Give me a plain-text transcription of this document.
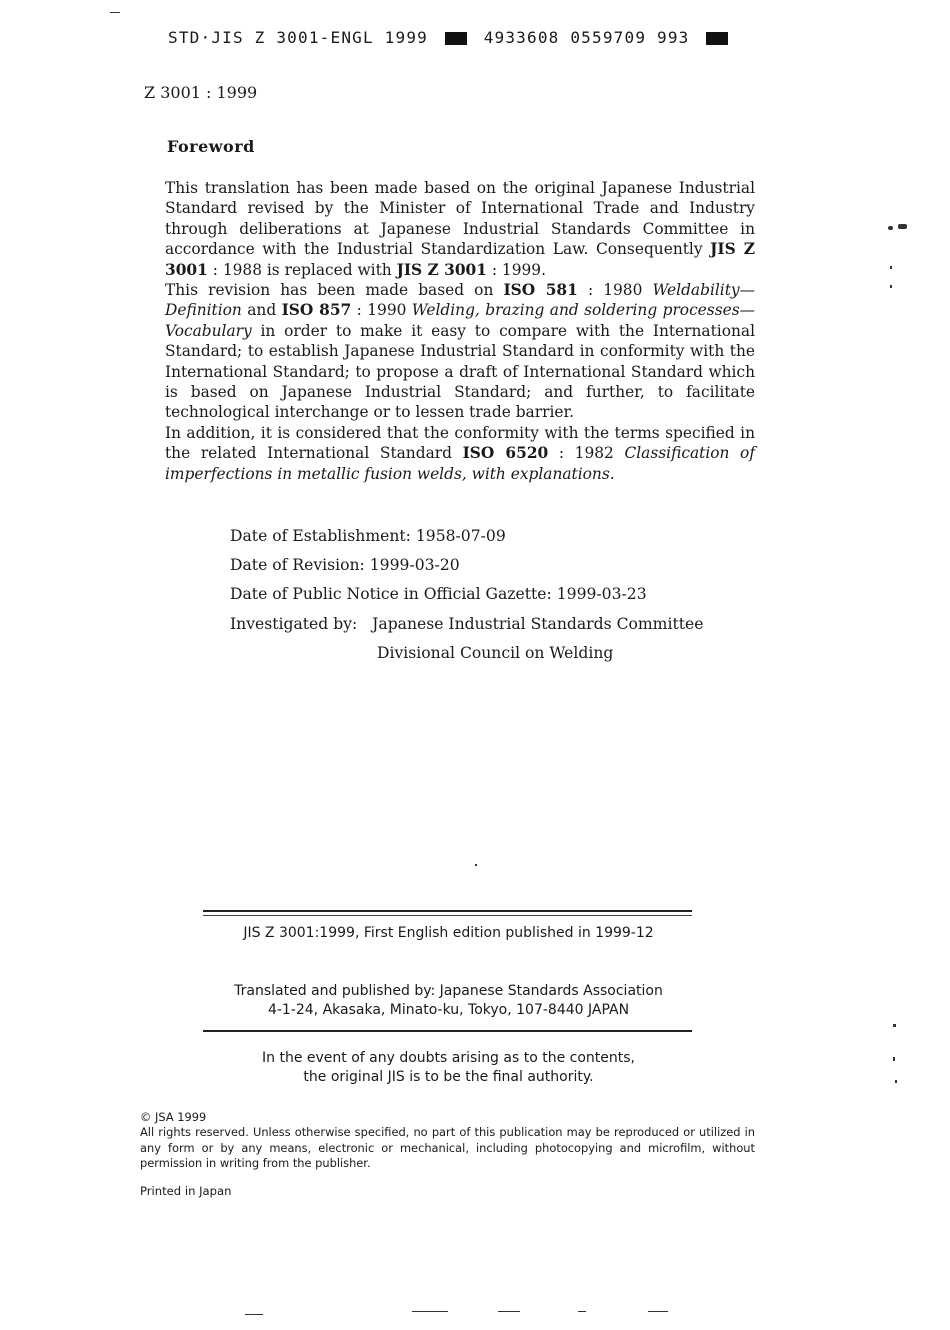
STD·JIS Z 3001-ENGL 1999	4933608 0559709 993
Z 3001 : 1999
Foreword

This translation has been made based on the original Japanese Industrial Standard revised by the Minister of International Trade and Industry through deliberations at Japanese Industrial Standards Committee in accordance with the Industrial Standardization Law. Consequently JIS Z 3001 : 1988 is replaced with JIS Z 3001 : 1999.

This revision has been made based on ISO 581 : 1980 Weldability—Definition and ISO 857 : 1990 Welding, brazing and soldering processes—Vocabulary in order to make it easy to compare with the International Standard; to establish Japanese Industrial Standard in conformity with the International Standard; to propose a draft of International Standard which is based on Japanese Industrial Standard; and further, to facilitate technological interchange or to lessen trade barrier.

In addition, it is considered that the conformity with the terms specified in the related International Standard ISO 6520 : 1982 Classification of imperfections in metallic fusion welds, with explanations.

Date of Establishment: 1958-07-09
Date of Revision: 1999-03-20
Date of Public Notice in Official Gazette: 1999-03-23
Investigated by: Japanese Industrial Standards Committee
Divisional Council on Welding
JIS Z 3001:1999, First English edition published in 1999-12
Translated and published by: Japanese Standards Association
4-1-24, Akasaka, Minato-ku, Tokyo, 107-8440 JAPAN
In the event of any doubts arising as to the contents,
the original JIS is to be the final authority.
© JSA 1999
All rights reserved. Unless otherwise specified, no part of this publication may be reproduced or utilized in any form or by any means, electronic or mechanical, including photocopying and microfilm, without permission in writing from the publisher.
Printed in Japan
